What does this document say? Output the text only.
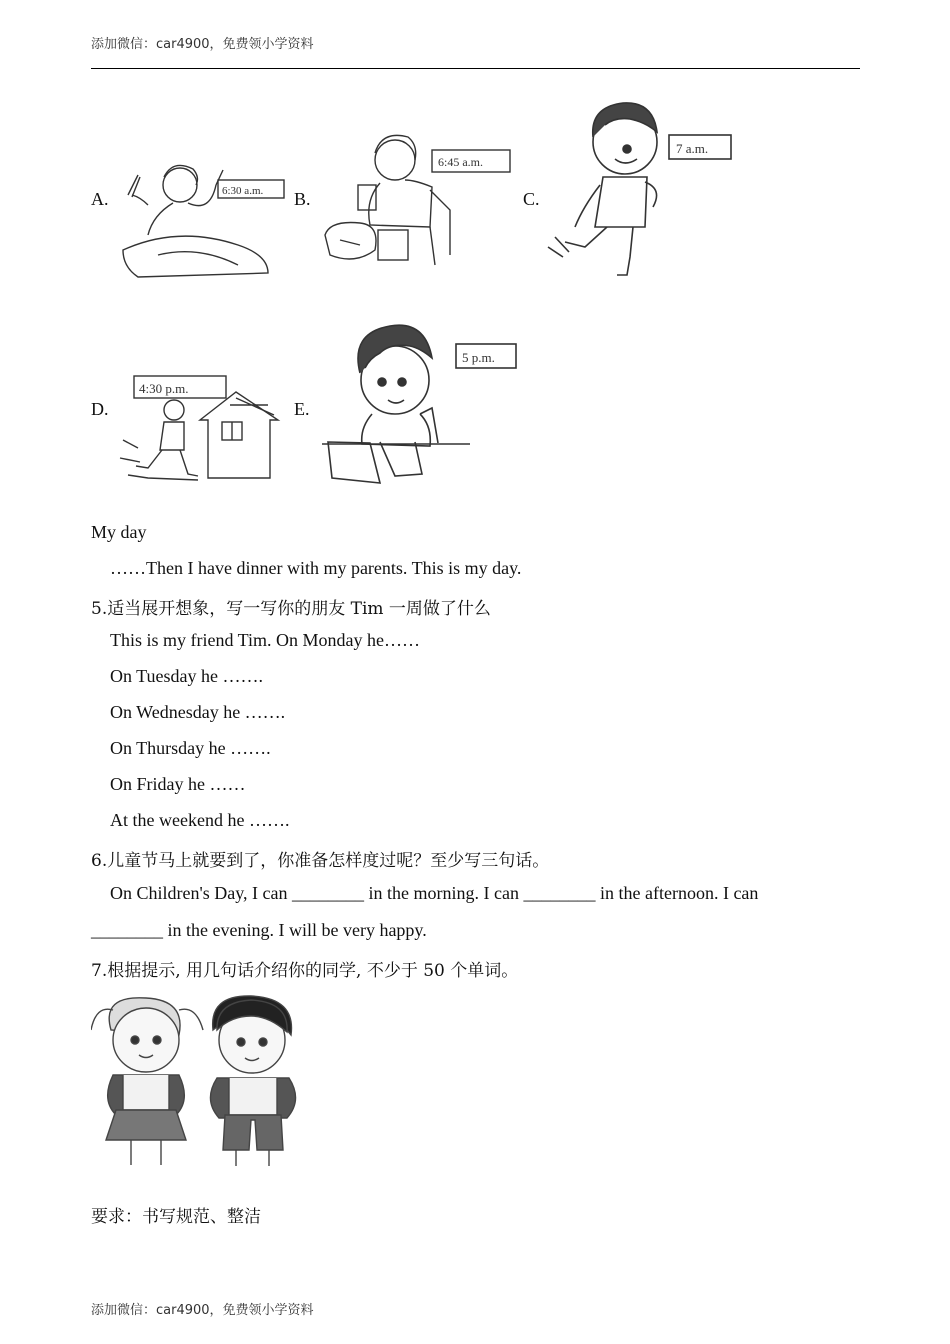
添加微信：car4900，免费领小学资料
A.	6:30 a.m. B.
6:45 a.m.
C.
7 a.m.
D.
4:30 p.m.
E.
5 p.m.
My day
……Then I have dinner with my parents. This is my day.
5.适当展开想象，写一写你的朋友 Tim 一周做了什么
This is my friend Tim. On Monday he……
On Tuesday he …….
On Wednesday he …….
On Thursday he …….
On Friday he ……
At the weekend he …….
6.儿童节马上就要到了，你准备怎样度过呢？至少写三句话。
On Children's Day, I can ________ in the morning. I can ________ in the afternoon. I can
________ in the evening. I will be very happy.
7.根据提示, 用几句话介绍你的同学, 不少于 50 个单词。
要求：书写规范、整洁
添加微信：car4900，免费领小学资料
